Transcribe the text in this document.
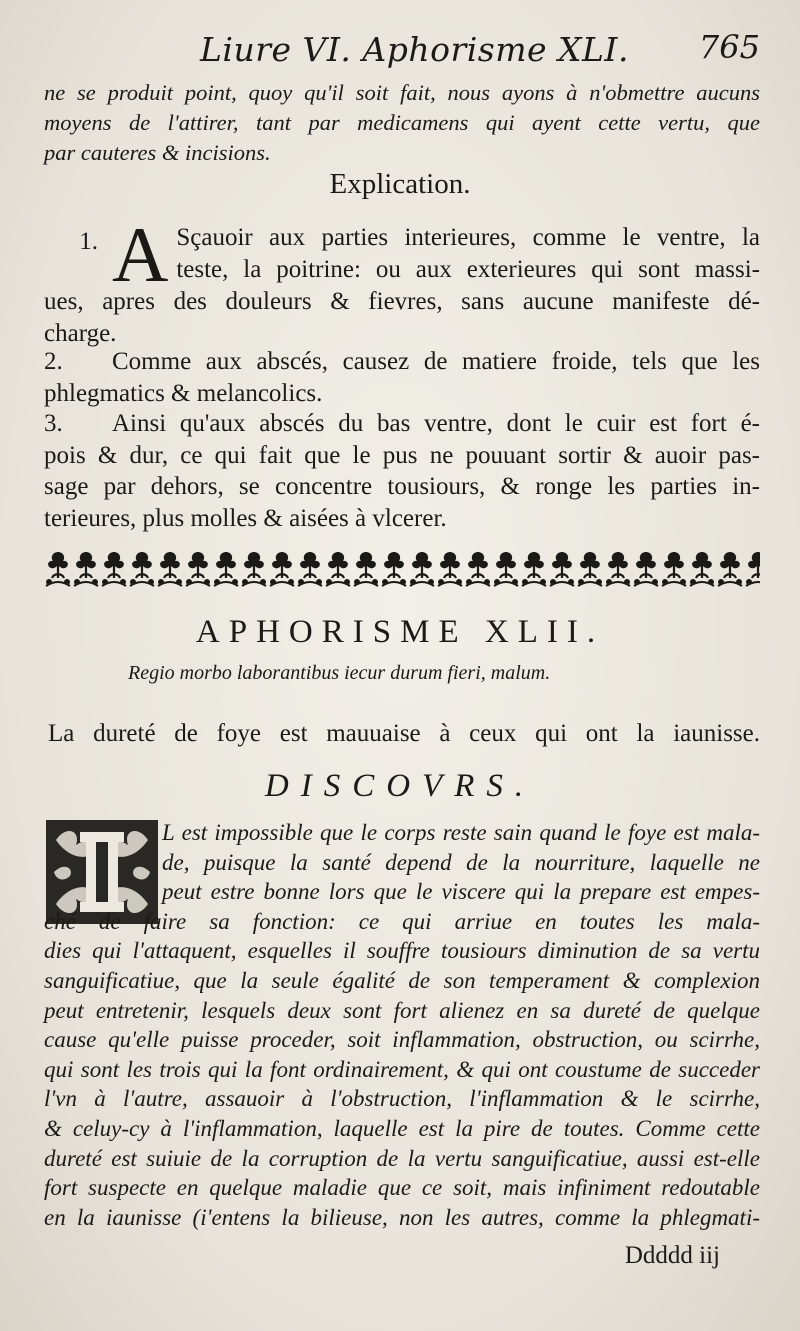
Liure VI. Aphorisme XLI. 765
ne se produit point, quoy qu'il soit fait, nous ayons à n'obmettre aucuns
moyens de l'attirer, tant par medicamens qui ayent cette vertu, que
par cauteres & incisions.
Explication.
1. A Sçauoir aux parties interieures, comme le ventre, la
teste, la poitrine: ou aux exterieures qui sont massi-
ues, apres des douleurs & fievres, sans aucune manifeste dé-
charge.
2. Comme aux abscés, causez de matiere froide, tels que les
phlegmatics & melancolics.
3. Ainsi qu'aux abscés du bas ventre, dont le cuir est fort é-
pois & dur, ce qui fait que le pus ne pouuant sortir & auoir pas-
sage par dehors, se concentre tousiours, & ronge les parties in-
terieures, plus molles & aisées à vlcerer.
APHORISME XLII.
Regio morbo laborantibus iecur durum fieri, malum.
La dureté de foye est mauuaise à ceux qui ont la iaunisse.
DISCOVRS.
L est impossible que le corps reste sain quand le foye est mala-
de, puisque la santé depend de la nourriture, laquelle ne
peut estre bonne lors que le viscere qui la prepare est empes-
ché de faire sa fonction: ce qui arriue en toutes les mala-
dies qui l'attaquent, esquelles il souffre tousiours diminution de sa vertu
sanguificatiue, que la seule égalité de son temperament & complexion
peut entretenir, lesquels deux sont fort alienez en sa dureté de quelque
cause qu'elle puisse proceder, soit inflammation, obstruction, ou scirrhe,
qui sont les trois qui la font ordinairement, & qui ont coustume de succeder
l'vn à l'autre, assauoir à l'obstruction, l'inflammation & le scirrhe,
& celuy-cy à l'inflammation, laquelle est la pire de toutes. Comme cette
dureté est suiuie de la corruption de la vertu sanguificatiue, aussi est-elle
fort suspecte en quelque maladie que ce soit, mais infiniment redoutable
en la iaunisse (i'entens la bilieuse, non les autres, comme la phlegmati-
Ddddd iij
